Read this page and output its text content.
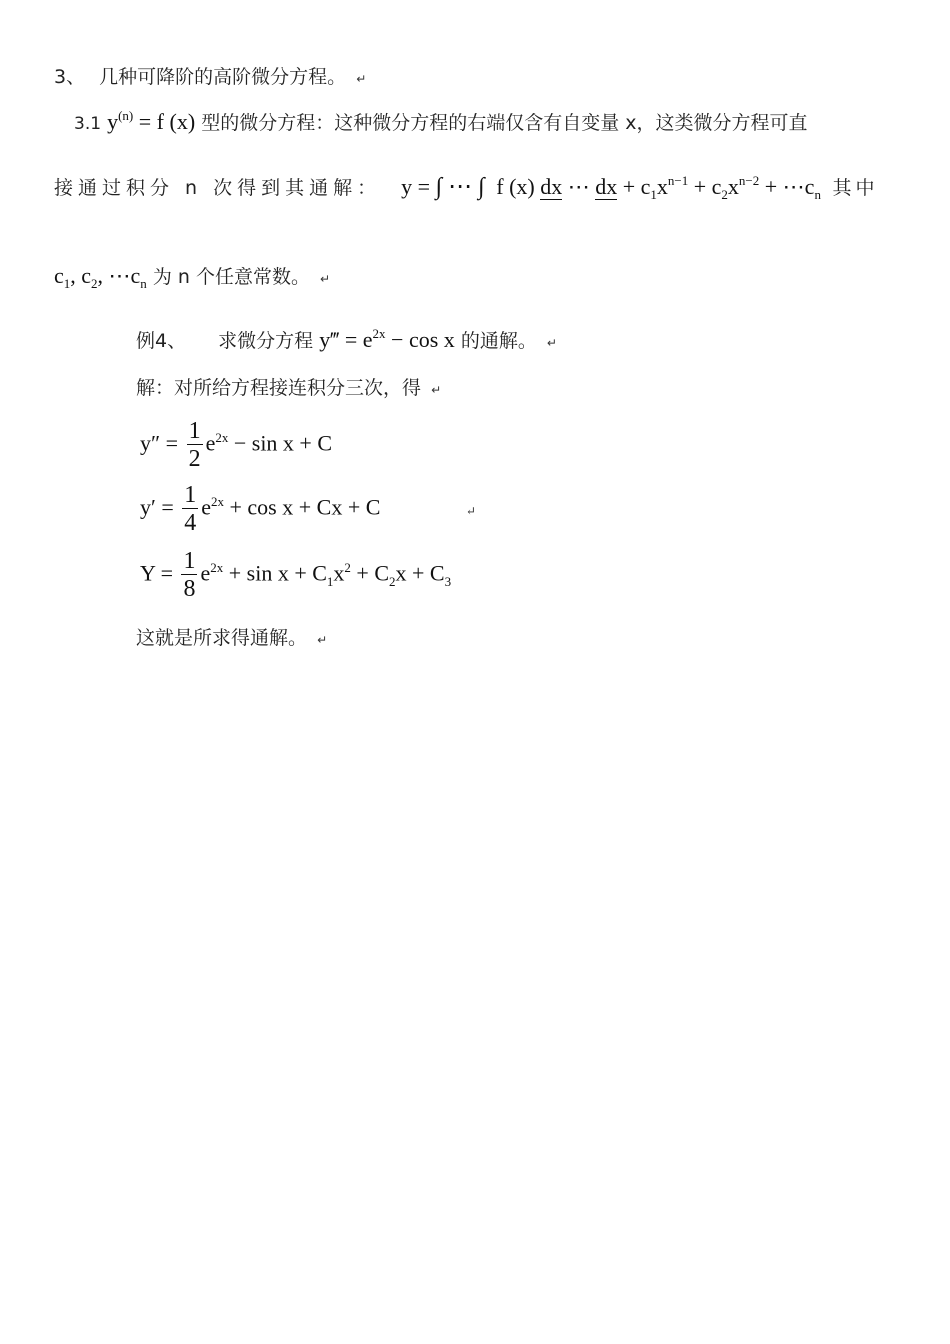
3、 几种可降阶的高阶微分方程。 ↵
3.1 $y^{(n)} = f$ (x) 型的微分方程：这种微分方程的右端仅含有自变量 x，这类微分方程可直
接通过积分 n 次得到其通解： y = ∫ ⋯ ∫ f (x) dx ⋯ dx + $c_1x^{n-1} + c_2x^{n-2}$ + $\cdots c_n$ 其中
$c_1$, $c_2$, $\cdots c_n$ 为 n 个任意常数。 ↵
例4、 求微分方程 y‴ = $e^{2x} - \cos x$ 的通解。 ↵
解：对所给方程接连积分三次，得 ↵
$y'' = \frac{1}{2} e^{2x} - \sin x + C$
$y' = \frac{1}{4} e^{2x} + \cos x + Cx + C$	↵
$Y = \frac{1}{8} e^{2x} + \sin x + C_1x^2 + C_2x + C_3$
这就是所求得通解。 ↵
